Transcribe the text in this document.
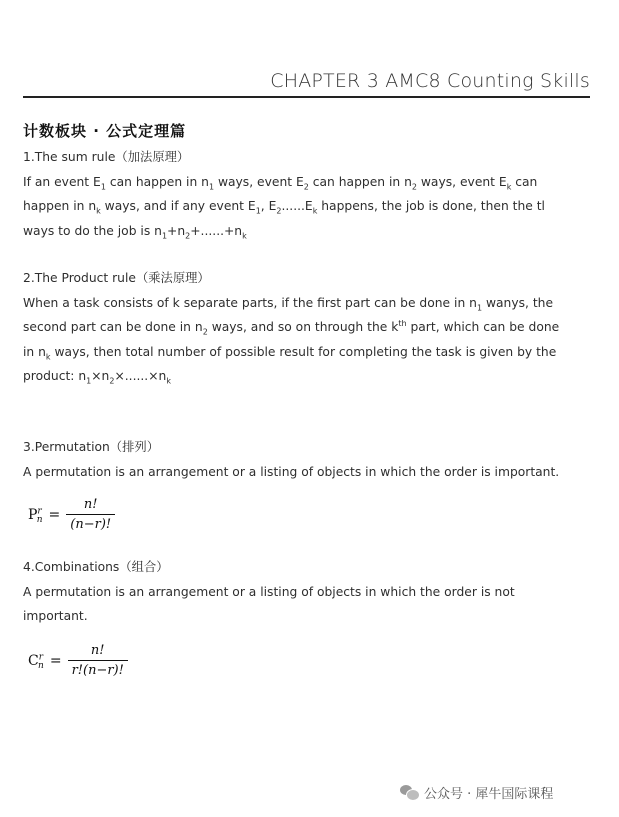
CHAPTER 3 AMC8 Counting Skills
计数板块 · 公式定理篇
1.The sum rule（加法原理）
If an event $E_1$ can happen in $n_1$ ways, event $E_2$ can happen in $n_2$ ways, event $E_k$ can
happen in $n_k$ ways, and if any event $E_1$, $E_2......E_k$ happens, the job is done, then the tl
ways to do the job is $n_1+n_2+......+n_k$
2.The Product rule（乘法原理）
When a task consists of k separate parts, if the first part can be done in $n_1$ wanys, the
second part can be done in $n_2$ ways, and so on through the $k^{th}$ part, which can be done
in $n_k$ ways, then total number of possible result for completing the task is given by the
product: $n_1\times n_2\times......\times n_k$
3.Permutation（排列）
A permutation is an arrangement or a listing of objects in which the order is important.
$P^r_n = \frac{n!}{(n-r)!}$
4.Combinations（组合）
A permutation is an arrangement or a listing of objects in which the order is not
important.
$C^r_n = \frac{n!}{r!(n-r)!}$
公众号 · 犀牛国际课程
